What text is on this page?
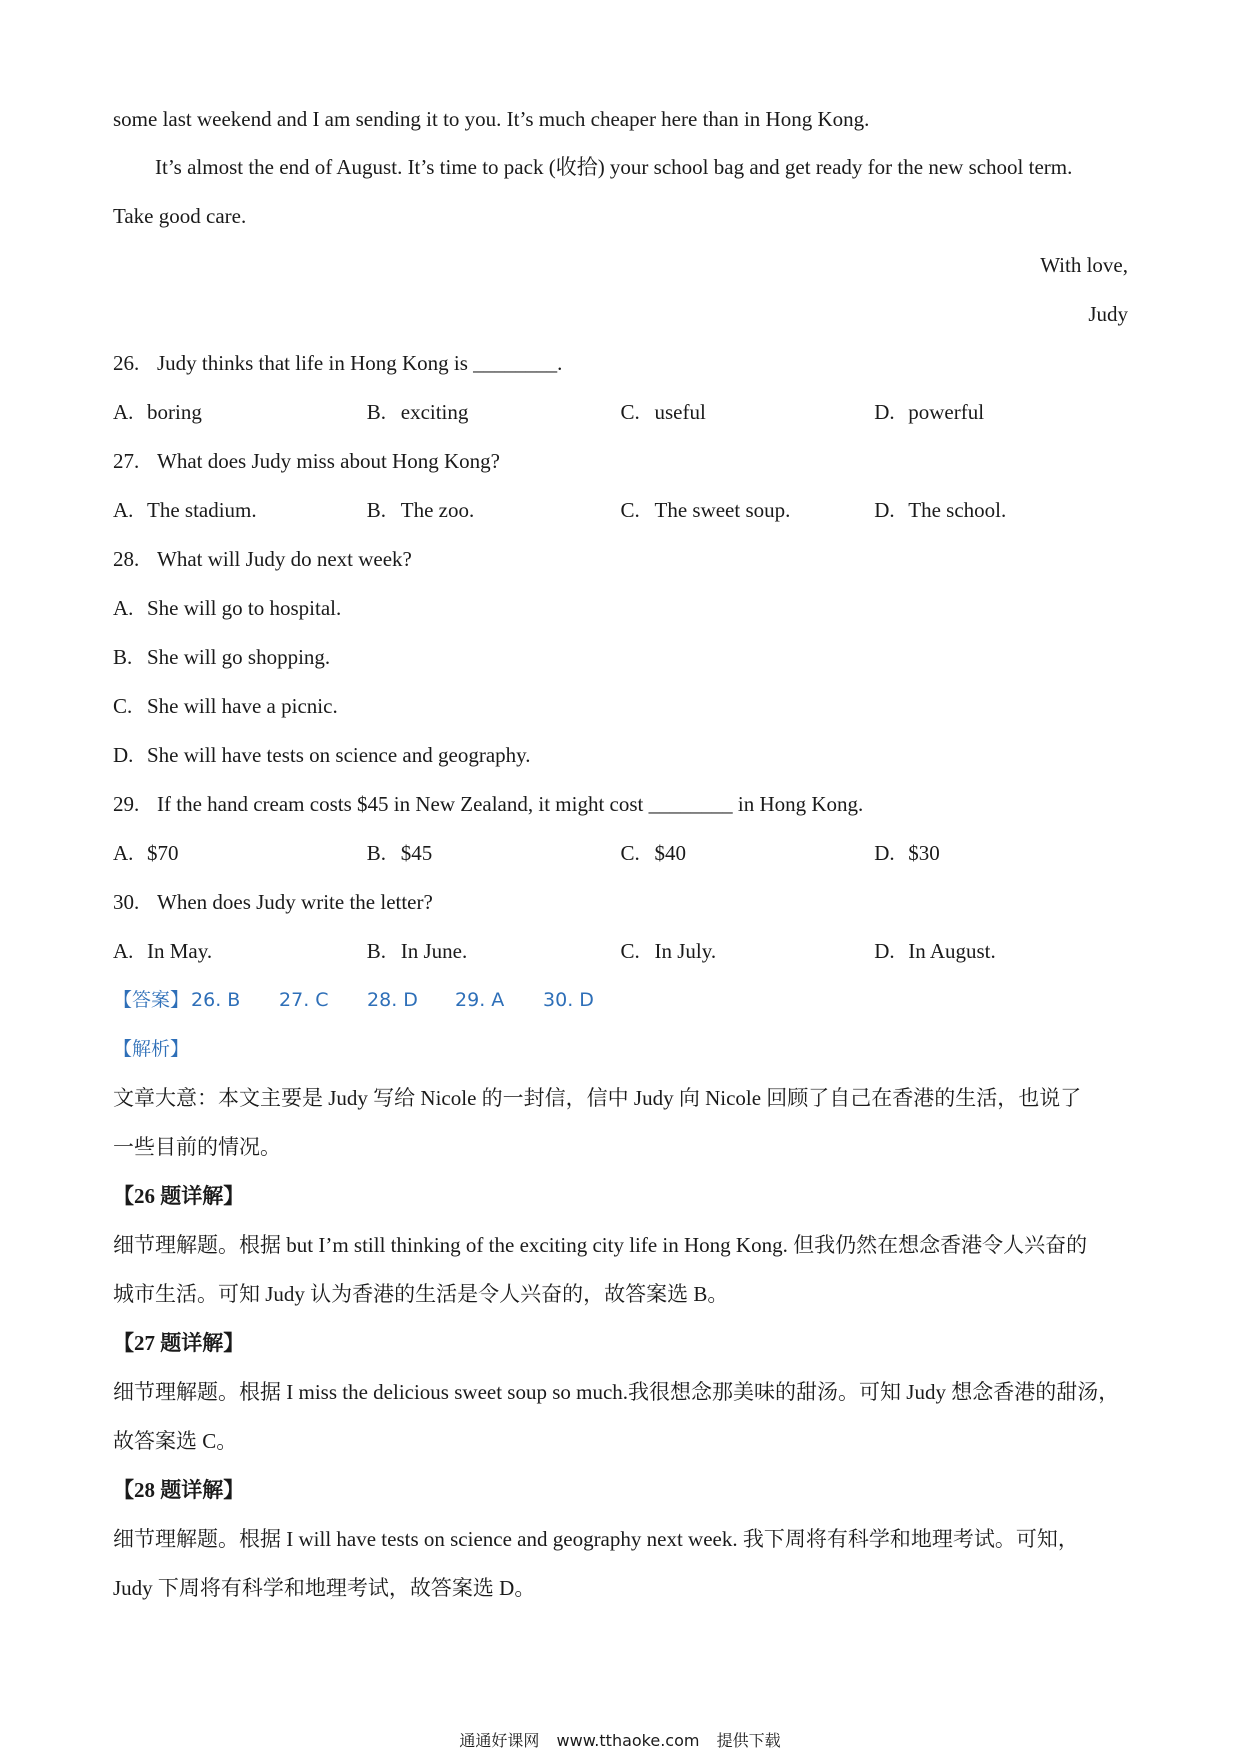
some last weekend and I am sending it to you. It’s much cheaper here than in Hong Kong.
It’s almost the end of August. It’s time to pack (收拾) your school bag and get ready for the new school term.
Take good care.
With love,
Judy
26. Judy thinks that life in Hong Kong is ________.
A. boring	B. exciting	C. useful	D. powerful
27. What does Judy miss about Hong Kong?
A. The stadium.	B. The zoo.	C. The sweet soup.	D. The school.
28. What will Judy do next week?
A. She will go to hospital.
B. She will go shopping.
C. She will have a picnic.
D. She will have tests on science and geography.
29. If the hand cream costs $45 in New Zealand, it might cost ________ in Hong Kong.
A. $70	B. $45	C. $40	D. $30
30. When does Judy write the letter?
A. In May.	B. In June.	C. In July.	D. In August.
【答案】 26. B 27. C 28. D 29. A 30. D
【解析】
文章大意：本文主要是 Judy 写给 Nicole 的一封信，信中 Judy 向 Nicole 回顾了自己在香港的生活，也说了
一些目前的情况。
【26 题详解】
细节理解题。根据 but I’m still thinking of the exciting city life in Hong Kong. 但我仍然在想念香港令人兴奋的
城市生活。可知 Judy 认为香港的生活是令人兴奋的，故答案选 B。
【27 题详解】
细节理解题。根据 I miss the delicious sweet soup so much.我很想念那美味的甜汤。可知 Judy 想念香港的甜汤，
故答案选 C。
【28 题详解】
细节理解题。根据 I will have tests on science and geography next week. 我下周将有科学和地理考试。可知，
Judy 下周将有科学和地理考试，故答案选 D。
通通好课网 www.tthaoke.com 提供下载
